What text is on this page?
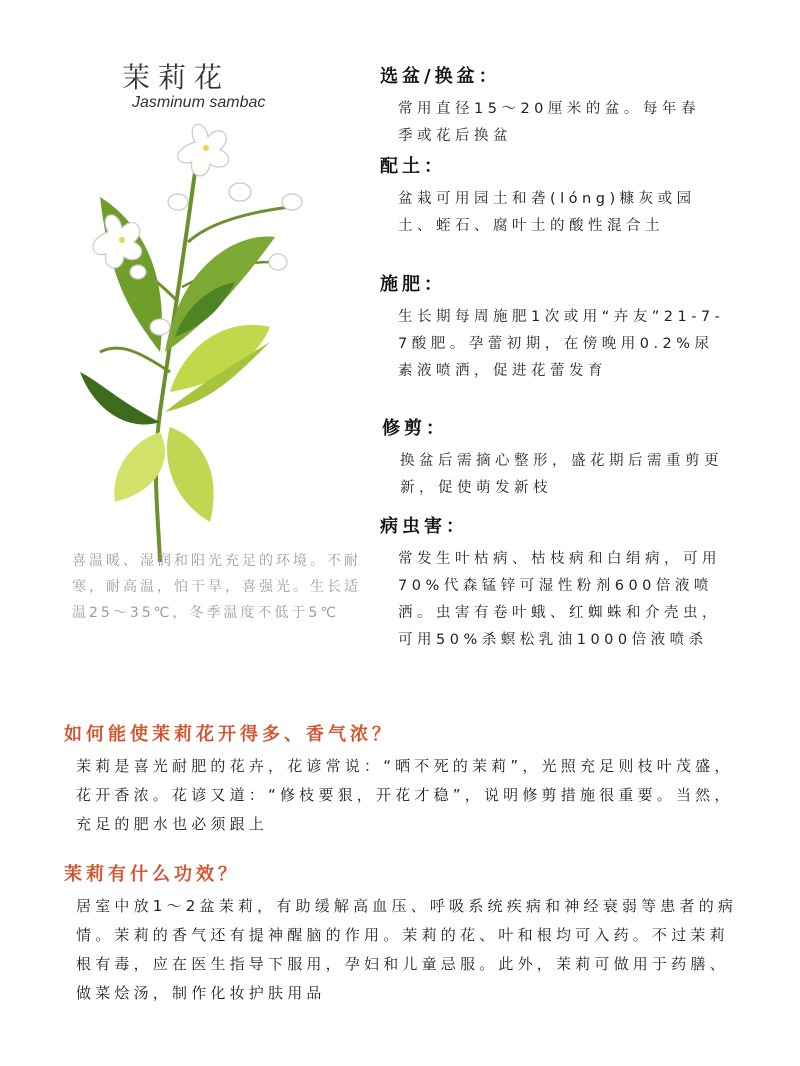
茉莉花
Jasminum sambac
喜温暖、湿润和阳光充足的环境。不耐寒，耐高温，怕干旱，喜强光。生长适温25～35℃，冬季温度不低于5℃
选盆/换盆：
常用直径15～20厘米的盆。每年春季或花后换盆
配土：
盆栽可用园土和砻(lóng)糠灰或园土、蛭石、腐叶土的酸性混合土
施肥：
生长期每周施肥1次或用“卉友”21-7-7酸肥。孕蕾初期，在傍晚用0.2%尿素液喷洒，促进花蕾发育
修剪：
换盆后需摘心整形，盛花期后需重剪更新，促使萌发新枝
病虫害：
常发生叶枯病、枯枝病和白绢病，可用70%代森锰锌可湿性粉剂600倍液喷洒。虫害有卷叶蛾、红蜘蛛和介壳虫，可用50%杀螟松乳油1000倍液喷杀
如何能使茉莉花开得多、香气浓？
茉莉是喜光耐肥的花卉，花谚常说：“晒不死的茉莉”，光照充足则枝叶茂盛，花开香浓。花谚又道：“修枝要狠，开花才稳”，说明修剪措施很重要。当然，充足的肥水也必须跟上
茉莉有什么功效？
居室中放1～2盆茉莉，有助缓解高血压、呼吸系统疾病和神经衰弱等患者的病情。茉莉的香气还有提神醒脑的作用。茉莉的花、叶和根均可入药。不过茉莉根有毒，应在医生指导下服用，孕妇和儿童忌服。此外，茉莉可做用于药膳、做菜烩汤，制作化妆护肤用品
